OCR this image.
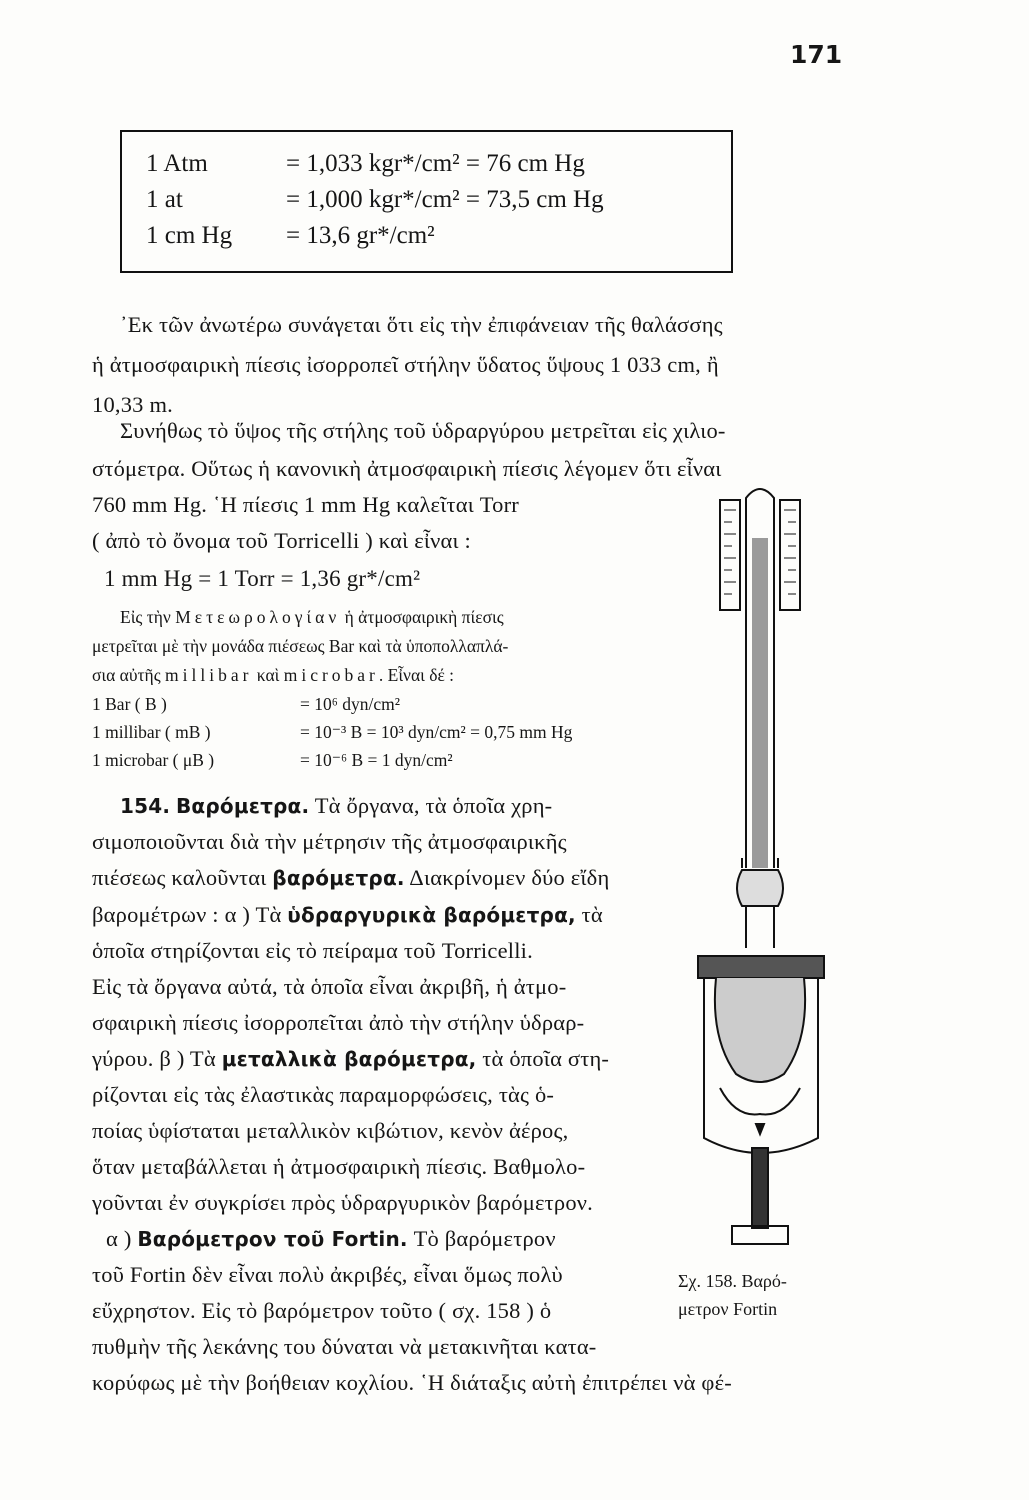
171
1 Atm	= 1,033 kgr*/cm² = 76 cm Hg
1 at	= 1,000 kgr*/cm² = 73,5 cm Hg
1 cm Hg = 13,6 gr*/cm²
᾿Εκ τῶν ἀνωτέρω συνάγεται ὅτι εἰς τὴν ἐπιφάνειαν τῆς θαλάσσης
ἡ ἀτμοσφαιρικὴ πίεσις ἰσορροπεῖ στήλην ὕδατος ὕψους 1 033 cm, ἢ
10,33 m.
Συνήθως τὸ ὕψος τῆς στήλης τοῦ ὑδραργύρου μετρεῖται εἰς χιλιο-
στόμετρα. Οὕτως ἡ κανονικὴ ἀτμοσφαιρικὴ πίεσις λέγομεν ὅτι εἶναι
760 mm Hg. ῾Η πίεσις 1 mm Hg καλεῖται Torr
( ἀπὸ τὸ ὄνομα τοῦ Torricelli ) καὶ εἶναι :
1 mm Hg = 1 Torr = 1,36 gr*/cm²
Εἰς τὴν Μετεωρολογίαν ἡ ἀτμοσφαιρικὴ πίεσις
μετρεῖται μὲ τὴν μονάδα πιέσεως Bar καὶ τὰ ὑποπολλαπλά-
σια αὐτῆς millibar καὶ microbar. Εἶναι δέ :
1 Bar ( B )	= 10⁶ dyn/cm²
1 millibar ( mB )	= 10⁻³ B = 10³ dyn/cm² = 0,75 mm Hg
1 microbar ( μB )	= 10⁻⁶ B = 1 dyn/cm²
154. Βαρόμετρα. Τὰ ὄργανα, τὰ ὁποῖα χρη-
σιμοποιοῦνται διὰ τὴν μέτρησιν τῆς ἀτμοσφαιρικῆς
πιέσεως καλοῦνται βαρόμετρα. Διακρίνομεν δύο εἴδη
βαρομέτρων : α ) Τὰ ὑδραργυρικὰ βαρόμετρα, τὰ
ὁποῖα στηρίζονται εἰς τὸ πείραμα τοῦ Torricelli.
Εἰς τὰ ὄργανα αὐτά, τὰ ὁποῖα εἶναι ἀκριβῆ, ἡ ἀτμο-
σφαιρικὴ πίεσις ἰσορροπεῖται ἀπὸ τὴν στήλην ὑδραρ-
γύρου. β ) Τὰ μεταλλικὰ βαρόμετρα, τὰ ὁποῖα στη-
ρίζονται εἰς τὰς ἐλαστικὰς παραμορφώσεις, τὰς ὁ-
ποίας ὑφίσταται μεταλλικὸν κιβώτιον, κενὸν ἀέρος,
ὅταν μεταβάλλεται ἡ ἀτμοσφαιρικὴ πίεσις. Βαθμολο-
γοῦνται ἐν συγκρίσει πρὸς ὑδραργυρικὸν βαρόμετρον.
α ) Βαρόμετρον τοῦ Fortin. Τὸ βαρόμετρον
τοῦ Fortin δὲν εἶναι πολὺ ἀκριβές, εἶναι ὅμως πολὺ
εὔχρηστον. Εἰς τὸ βαρόμετρον τοῦτο ( σχ. 158 ) ὁ
πυθμὴν τῆς λεκάνης του δύναται νὰ μετακινῆται κατα-
κορύφως μὲ τὴν βοήθειαν κοχλίου. ῾Η διάταξις αὐτὴ ἐπιτρέπει νὰ φέ-
Σχ. 158. Βαρό-
μετρον Fortin
